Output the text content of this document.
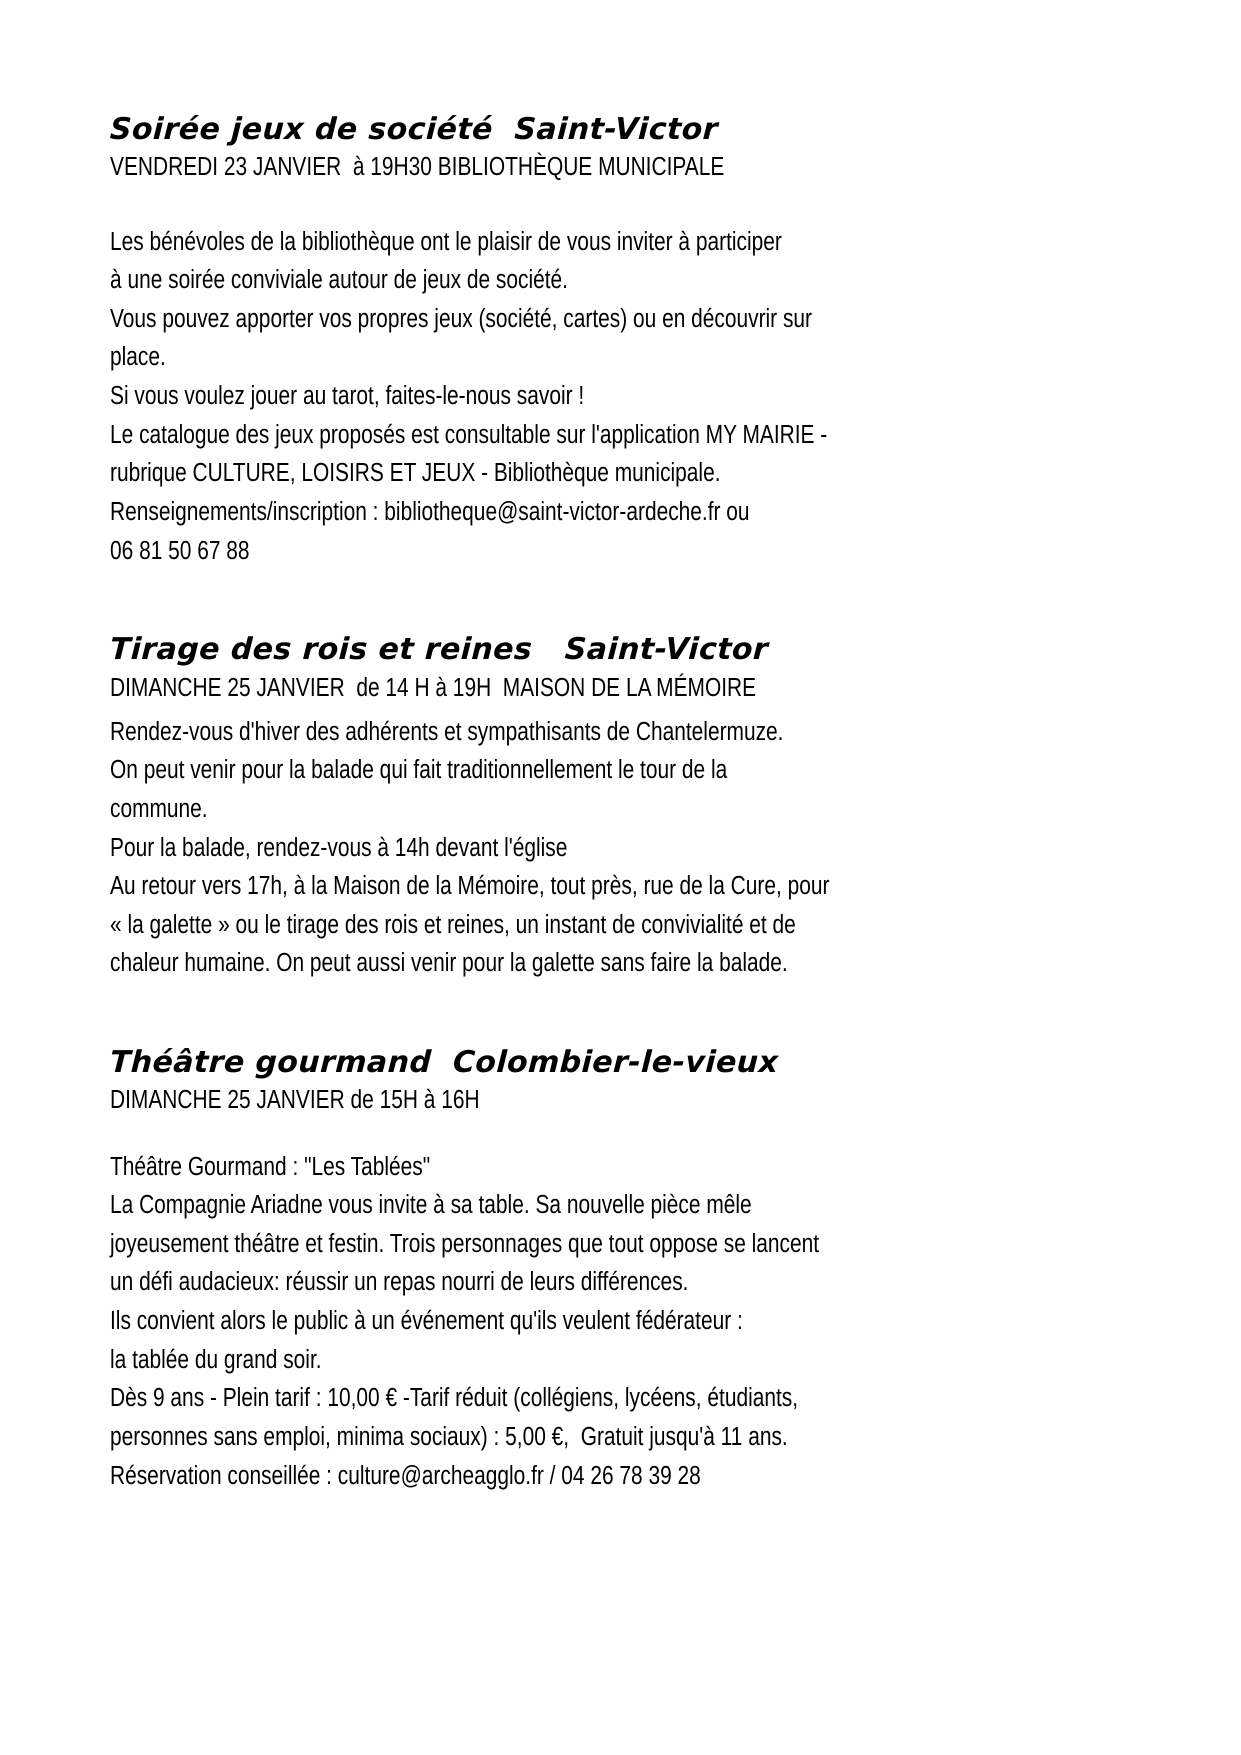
Soirée jeux de société  Saint-Victor

VENDREDI 23 JANVIER  à 19H30 BIBLIOTHÈQUE MUNICIPALE

Les bénévoles de la bibliothèque ont le plaisir de vous inviter à participer
à une soirée conviviale autour de jeux de société.
Vous pouvez apporter vos propres jeux (société, cartes) ou en découvrir sur
place.
Si vous voulez jouer au tarot, faites-le-nous savoir !
Le catalogue des jeux proposés est consultable sur l'application MY MAIRIE -
rubrique CULTURE, LOISIRS ET JEUX - Bibliothèque municipale.
Renseignements/inscription : bibliotheque@saint-victor-ardeche.fr ou
06 81 50 67 88
Tirage des rois et reines   Saint-Victor

DIMANCHE 25 JANVIER  de 14 H à 19H  MAISON DE LA MÉMOIRE

Rendez-vous d'hiver des adhérents et sympathisants de Chantelermuze.
On peut venir pour la balade qui fait traditionnellement le tour de la
commune.
Pour la balade, rendez-vous à 14h devant l'église
Au retour vers 17h, à la Maison de la Mémoire, tout près, rue de la Cure, pour
« la galette » ou le tirage des rois et reines, un instant de convivialité et de
chaleur humaine. On peut aussi venir pour la galette sans faire la balade.
Théâtre gourmand  Colombier-le-vieux

DIMANCHE 25 JANVIER de 15H à 16H

Théâtre Gourmand : "Les Tablées"
La Compagnie Ariadne vous invite à sa table. Sa nouvelle pièce mêle
joyeusement théâtre et festin. Trois personnages que tout oppose se lancent
un défi audacieux: réussir un repas nourri de leurs différences.
Ils convient alors le public à un événement qu'ils veulent fédérateur :
la tablée du grand soir.
Dès 9 ans - Plein tarif : 10,00 € -Tarif réduit (collégiens, lycéens, étudiants,
personnes sans emploi, minima sociaux) : 5,00 €,  Gratuit jusqu'à 11 ans.
Réservation conseillée : culture@archeagglo.fr / 04 26 78 39 28
